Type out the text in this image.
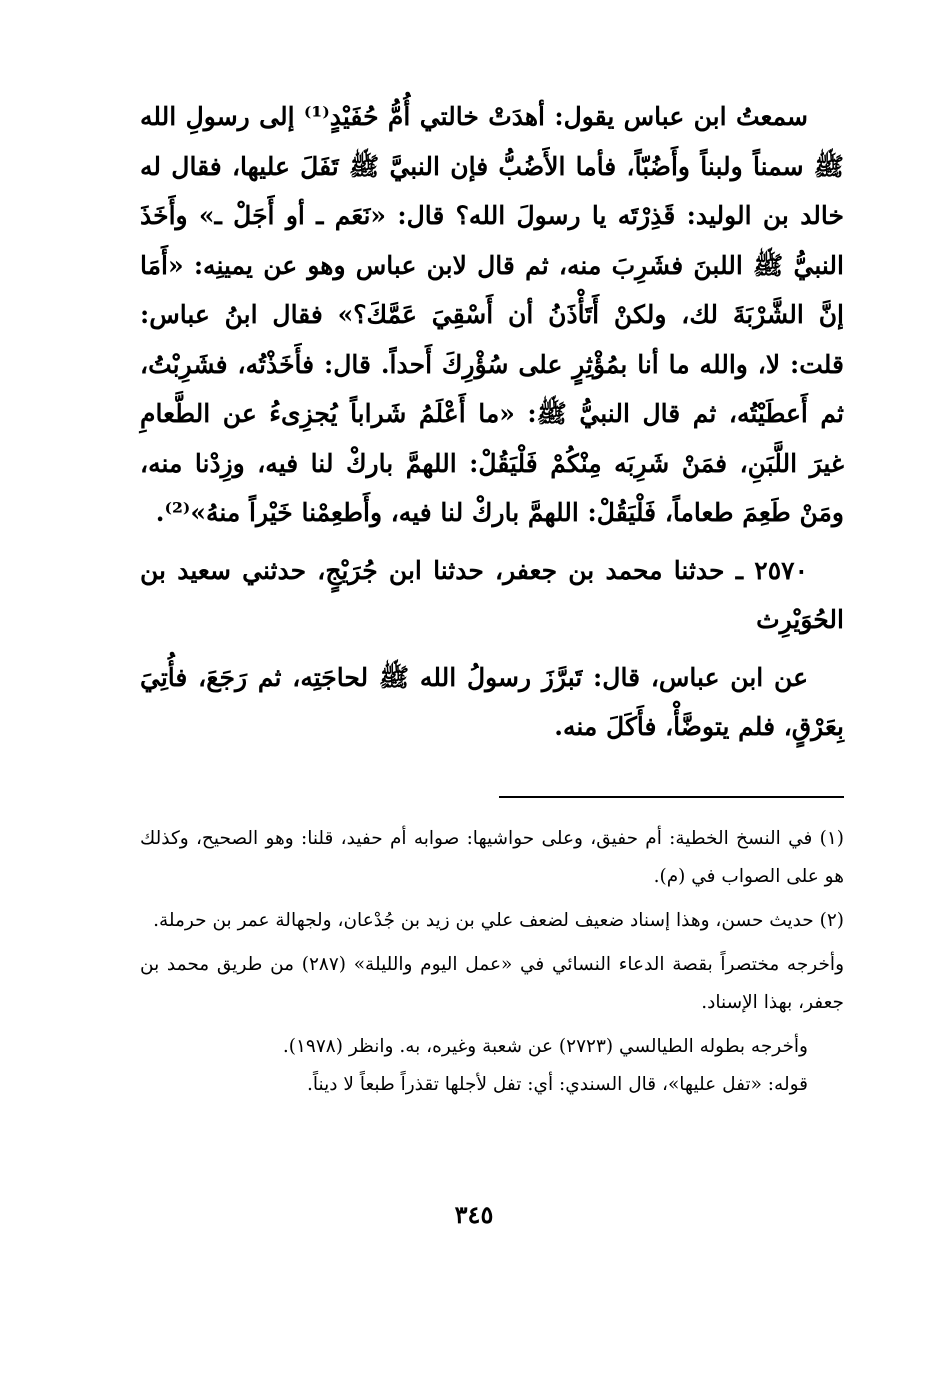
سمعتُ ابن عباس يقول: أهدَتْ خالتي أُمُّ حُفَيْدٍ⁽¹⁾ إلى رسولِ الله ﷺ سمناً ولبناً وأَضُبّاً، فأما الأَضُبُّ فإن النبيَّ ﷺ تَفَلَ عليها، فقال له خالد بن الوليد: قَذِرْتَه يا رسولَ الله؟ قال: «نَعَم ـ أو أَجَلْ ـ» وأَخَذَ النبيُّ ﷺ اللبنَ فشَرِبَ منه، ثم قال لابن عباس وهو عن يمينِه: «أَمَا إنَّ الشَّرْبَةَ لك، ولكنْ أَتَأْذَنُ أن أَسْقِيَ عَمَّكَ؟» فقال ابنُ عباس: قلت: لا، والله ما أنا بمُؤْثِرٍ على سُؤْرِكَ أَحداً. قال: فأَخَذْتُه، فشَرِبْتُ، ثم أَعطَيْتُه، ثم قال النبيُّ ﷺ: «ما أَعْلَمُ شَراباً يُجزِىءُ عن الطَّعامِ غيرَ اللَّبَنِ، فمَنْ شَرِبَه مِنْكُمْ فَلْيَقُلْ: اللهمَّ باركْ لنا فيه، وزِدْنا منه، ومَنْ طَعِمَ طعاماً، فَلْيَقُلْ: اللهمَّ باركْ لنا فيه، وأَطعِمْنا خَيْراً منهُ»⁽²⁾.

٢٥٧٠ ـ حدثنا محمد بن جعفر، حدثنا ابن جُرَيْجٍ، حدثني سعيد بن الحُوَيْرِث

عن ابن عباس، قال: تَبرَّزَ رسولُ الله ﷺ لحاجَتِه، ثم رَجَعَ، فأُتِيَ بِعَرْقٍ، فلم يتوضَّأْ، فأَكَلَ منه.

(١) في النسخ الخطية: أم حفيق، وعلى حواشيها: صوابه أم حفيد، قلنا: وهو الصحيح، وكذلك هو على الصواب في (م).

(٢) حديث حسن، وهذا إسناد ضعيف لضعف علي بن زيد بن جُدْعان، ولجهالة عمر بن حرملة.

وأخرجه مختصراً بقصة الدعاء النسائي في «عمل اليوم والليلة» (٢٨٧) من طريق محمد بن جعفر، بهذا الإسناد.

وأخرجه بطوله الطيالسي (٢٧٢٣) عن شعبة وغيره، به. وانظر (١٩٧٨).

قوله: «تفل عليها»، قال السندي: أي: تفل لأجلها تقذراً طبعاً لا ديناً.

٣٤٥
